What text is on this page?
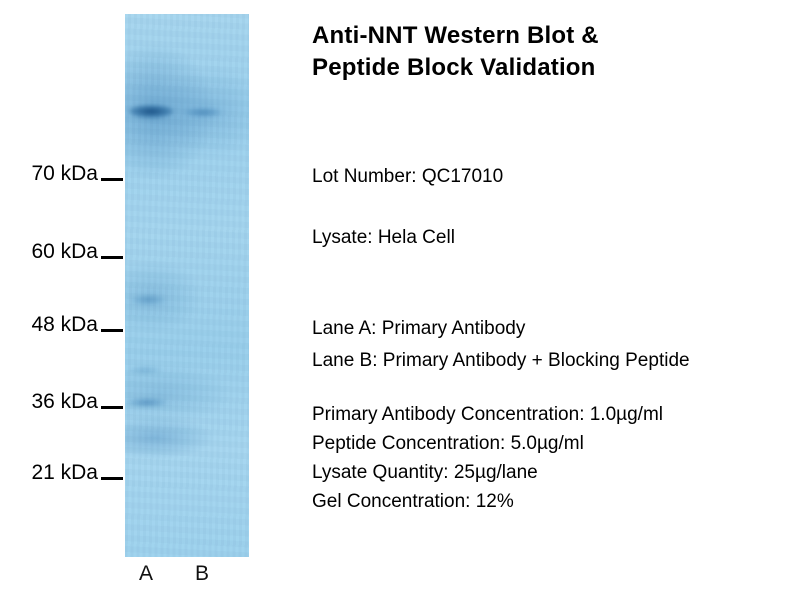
70 kDa
60 kDa
48 kDa
36 kDa
21 kDa
A B
Anti-NNT Western Blot &
Peptide Block Validation
Lot Number: QC17010
Lysate: Hela Cell
Lane A: Primary Antibody
Lane B: Primary Antibody + Blocking Peptide
Primary Antibody Concentration: 1.0µg/ml
Peptide Concentration: 5.0µg/ml
Lysate Quantity: 25µg/lane
Gel Concentration: 12%
